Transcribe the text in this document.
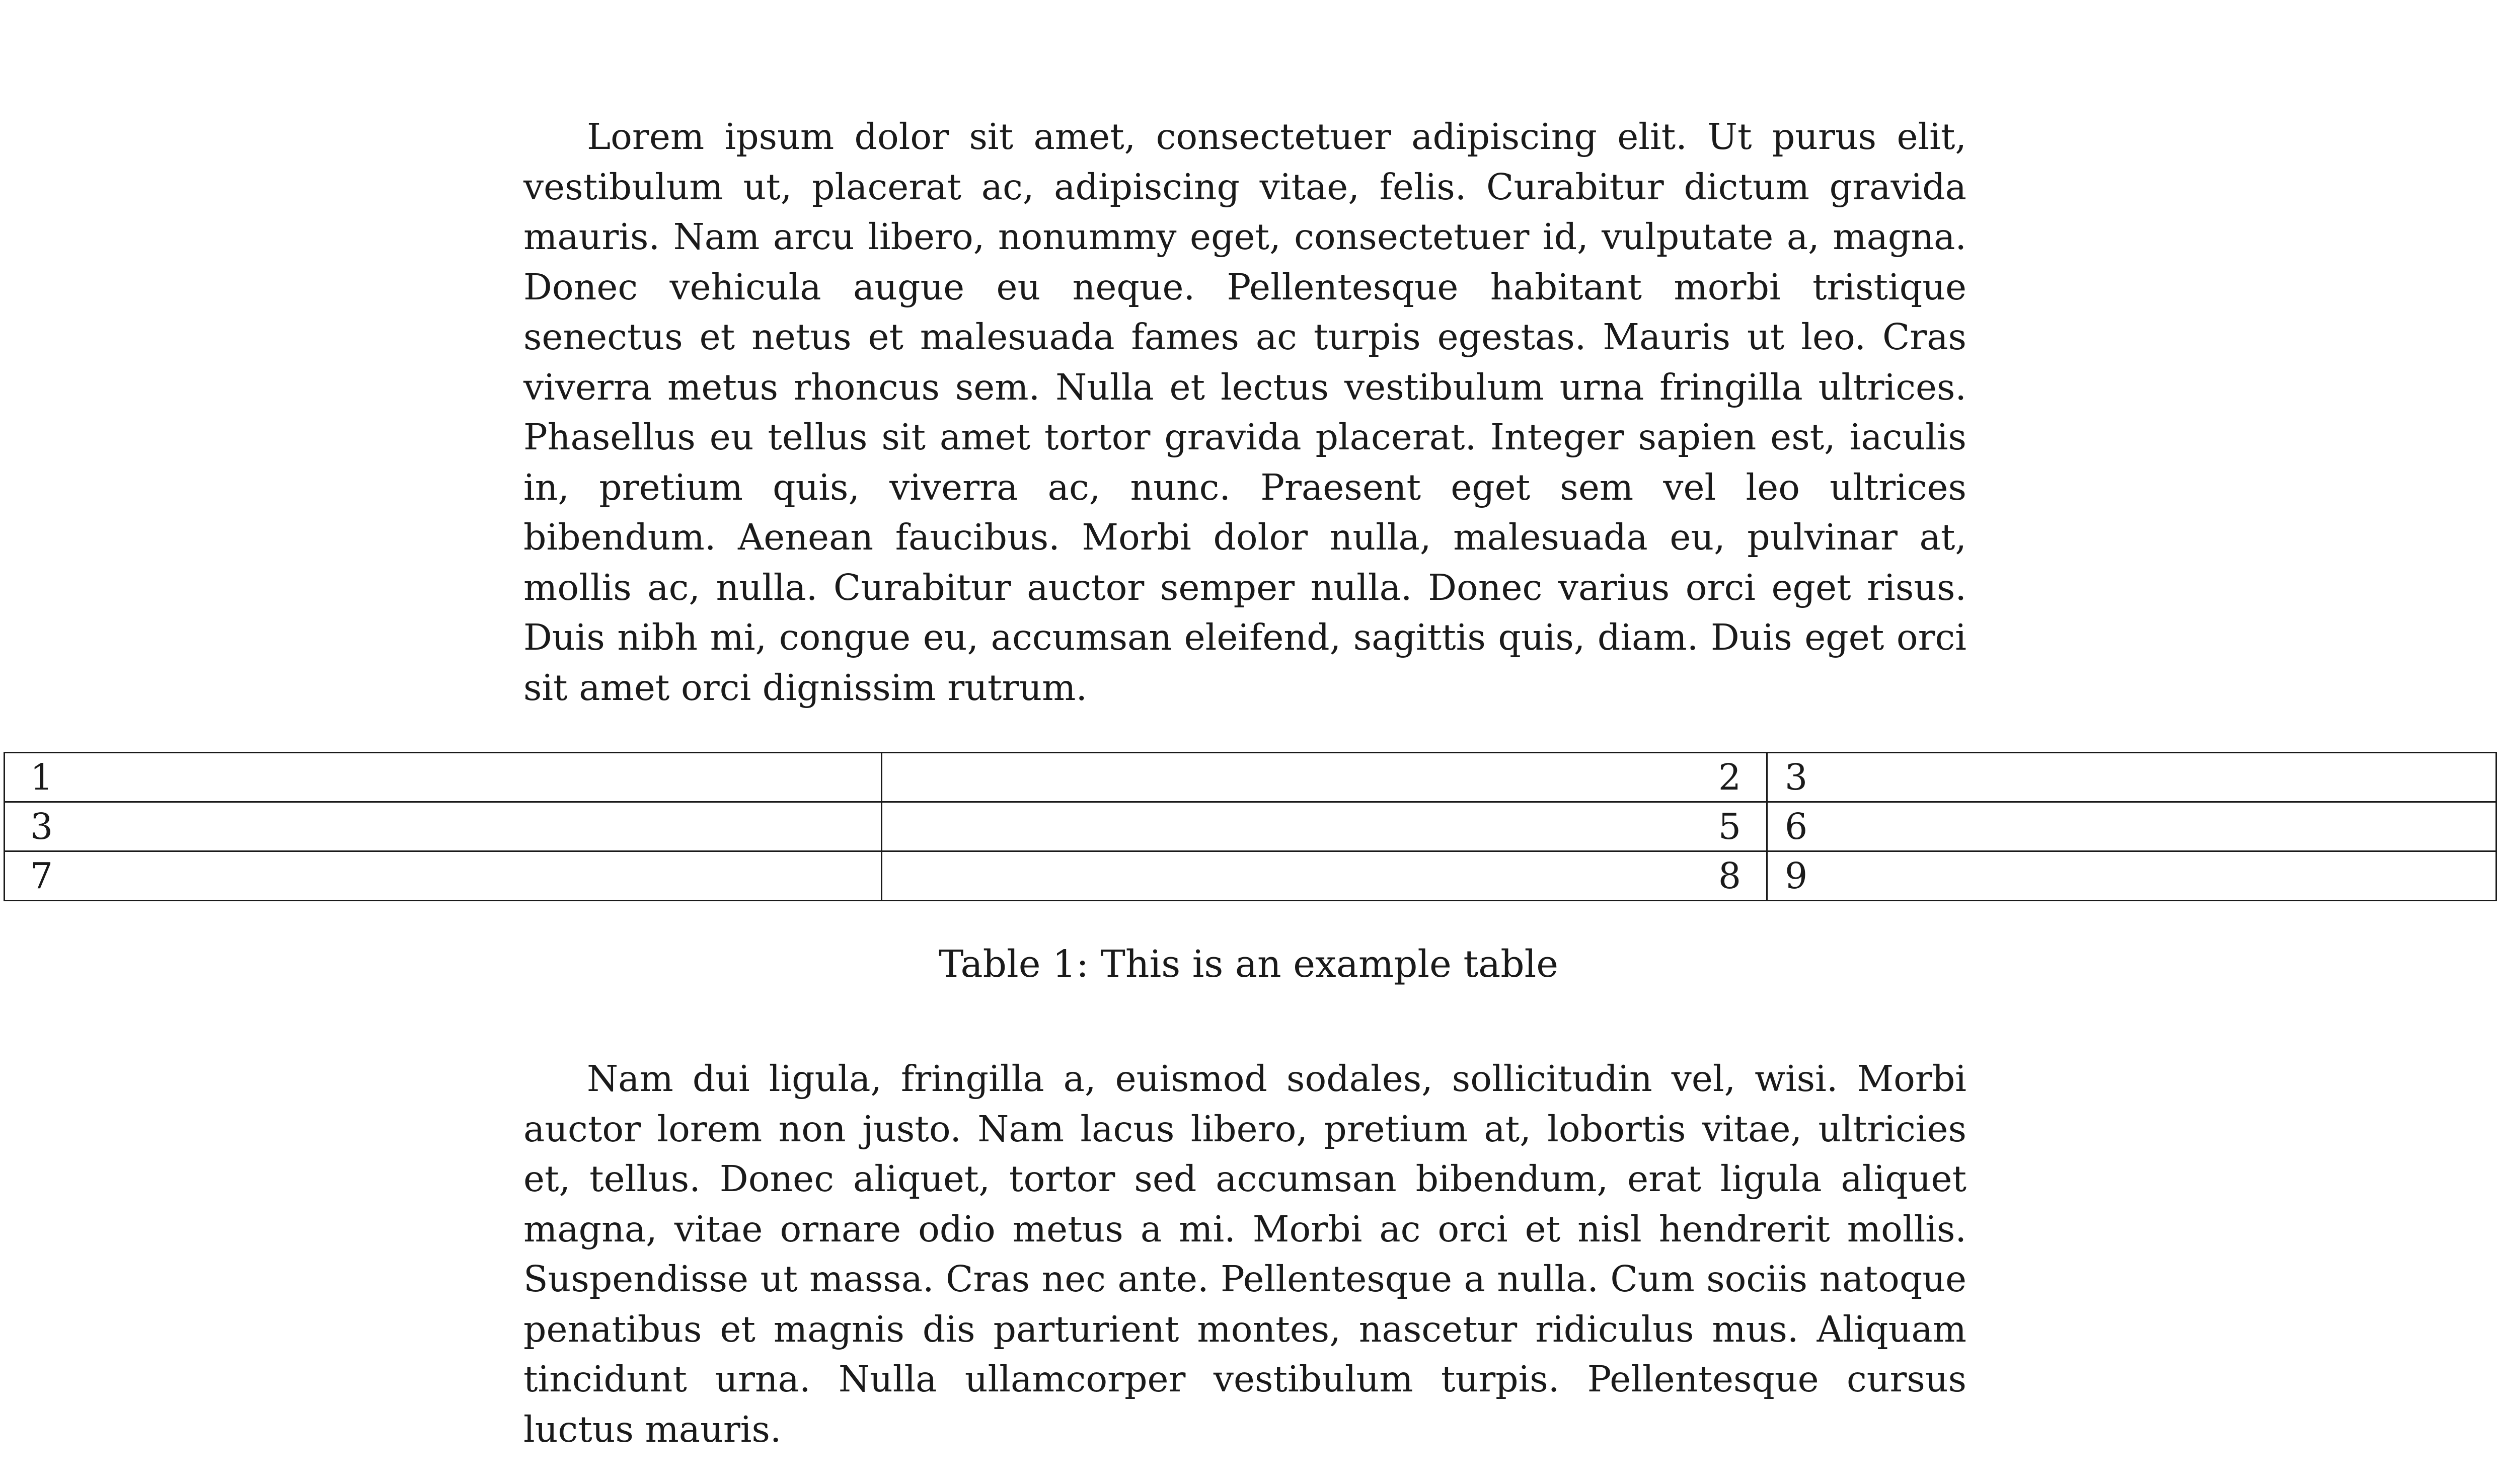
Lorem ipsum dolor sit amet, consectetuer adipiscing elit. Ut purus elit, vestibulum ut, placerat ac, adipiscing vitae, felis. Curabitur dictum gravida mauris. Nam arcu libero, nonummy eget, consectetuer id, vulputate a, magna. Donec vehicula augue eu neque. Pellentesque habitant morbi tristique senectus et netus et malesuada fames ac turpis egestas. Mauris ut leo. Cras viverra metus rhoncus sem. Nulla et lectus vestibulum urna fringilla ultrices. Phasellus eu tellus sit amet tortor gravida placerat. Integer sapien est, iaculis in, pretium quis, viverra ac, nunc. Praesent eget sem vel leo ultrices bibendum. Aenean faucibus. Morbi dolor nulla, malesuada eu, pulvinar at, mollis ac, nulla. Curabitur auctor semper nulla. Donec varius orci eget risus. Duis nibh mi, congue eu, accumsan eleifend, sagittis quis, diam. Duis eget orci sit amet orci dignissim rutrum.

1	2	3
3	5	6
7	8	9

Table 1: This is an example table

Nam dui ligula, fringilla a, euismod sodales, sollicitudin vel, wisi. Morbi auctor lorem non justo. Nam lacus libero, pretium at, lobortis vitae, ultricies et, tellus. Donec aliquet, tortor sed accumsan bibendum, erat ligula aliquet magna, vitae ornare odio metus a mi. Morbi ac orci et nisl hendrerit mollis. Suspendisse ut massa. Cras nec ante. Pellentesque a nulla. Cum sociis natoque penatibus et magnis dis parturient montes, nascetur ridiculus mus. Aliquam tincidunt urna. Nulla ullamcorper vestibulum turpis. Pellentesque cursus luctus mauris.
